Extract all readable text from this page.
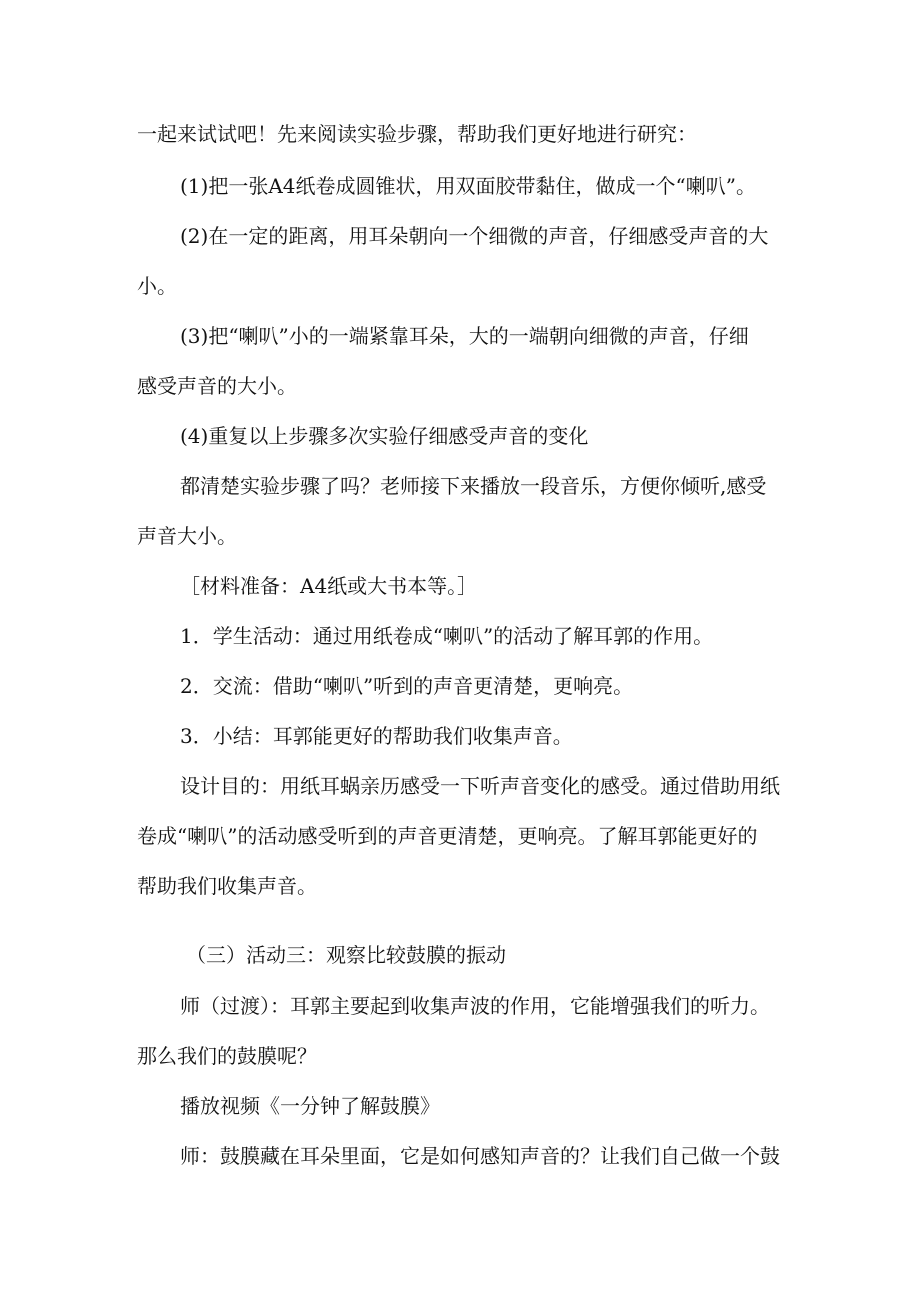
一起来试试吧！先来阅读实验步骤，帮助我们更好地进行研究：
(1)把一张A4纸卷成圆锥状，用双面胶带黏住，做成一个“喇叭”。
(2)在一定的距离，用耳朵朝向一个细微的声音，仔细感受声音的大
小。
(3)把“喇叭”小的一端紧靠耳朵，大的一端朝向细微的声音，仔细
感受声音的大小。
(4)重复以上步骤多次实验仔细感受声音的变化
都清楚实验步骤了吗？老师接下来播放一段音乐，方便你倾听,感受
声音大小。
［材料准备：A4纸或大书本等。］
1．学生活动：通过用纸卷成“喇叭”的活动了解耳郭的作用。
2．交流：借助“喇叭”听到的声音更清楚，更响亮。
3．小结：耳郭能更好的帮助我们收集声音。
设计目的：用纸耳蜗亲历感受一下听声音变化的感受。通过借助用纸
卷成“喇叭”的活动感受听到的声音更清楚，更响亮。了解耳郭能更好的
帮助我们收集声音。
（三）活动三：观察比较鼓膜的振动
师（过渡）：耳郭主要起到收集声波的作用，它能增强我们的听力。
那么我们的鼓膜呢？
播放视频《一分钟了解鼓膜》
师：鼓膜藏在耳朵里面，它是如何感知声音的？让我们自己做一个鼓
